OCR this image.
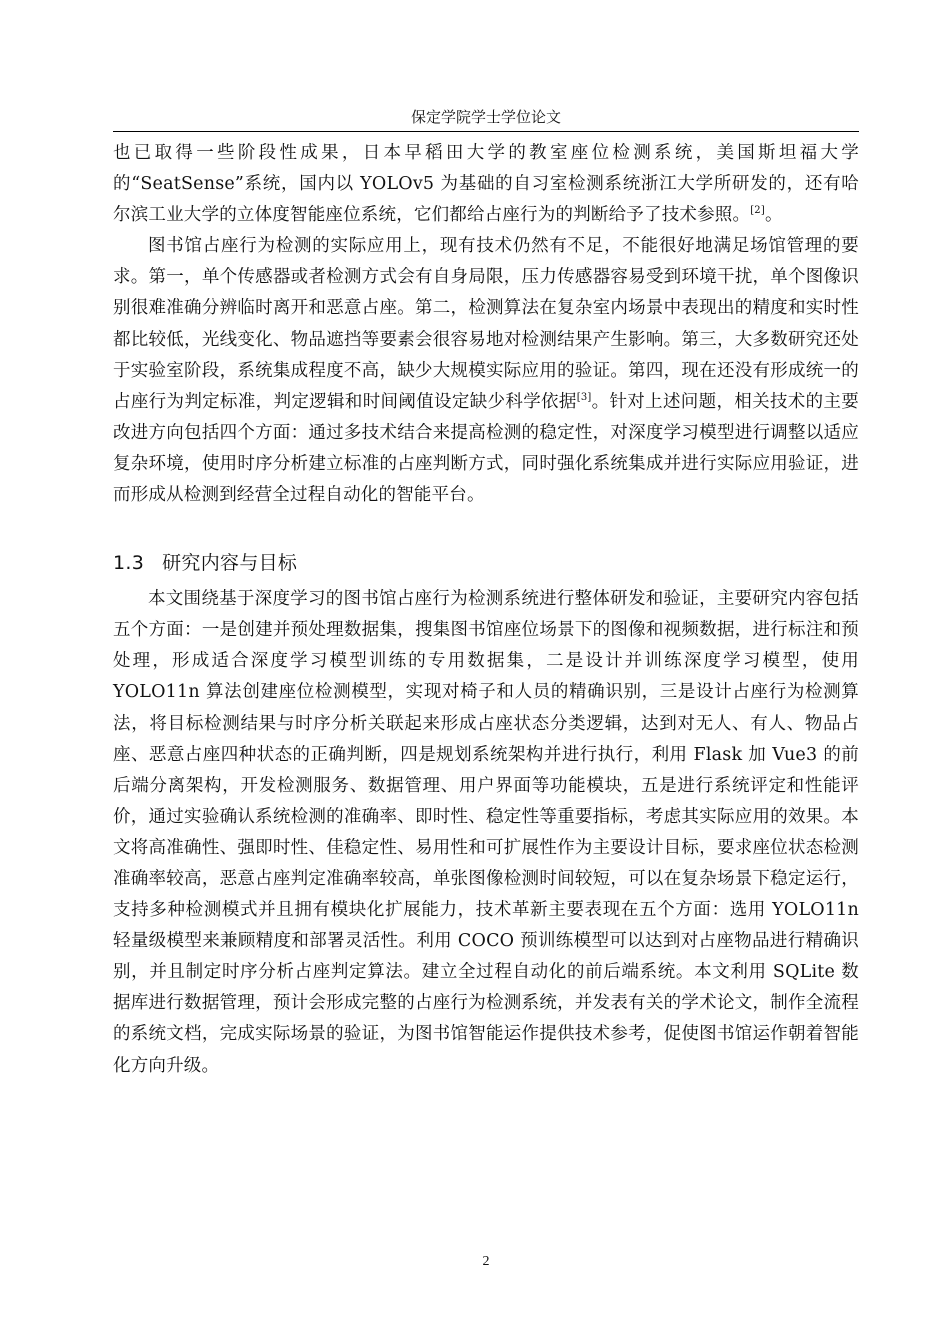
保定学院学士学位论文

也已取得一些阶段性成果，日本早稻田大学的教室座位检测系统，美国斯坦福大学的“SeatSense”系统，国内以 YOLOv5 为基础的自习室检测系统浙江大学所研发的，还有哈尔滨工业大学的立体度智能座位系统，它们都给占座行为的判断给予了技术参照。[2]。

图书馆占座行为检测的实际应用上，现有技术仍然有不足，不能很好地满足场馆管理的要求。第一，单个传感器或者检测方式会有自身局限，压力传感器容易受到环境干扰，单个图像识别很难准确分辨临时离开和恶意占座。第二，检测算法在复杂室内场景中表现出的精度和实时性都比较低，光线变化、物品遮挡等要素会很容易地对检测结果产生影响。第三，大多数研究还处于实验室阶段，系统集成程度不高，缺少大规模实际应用的验证。第四，现在还没有形成统一的占座行为判定标准，判定逻辑和时间阈值设定缺少科学依据[3]。针对上述问题，相关技术的主要改进方向包括四个方面：通过多技术结合来提高检测的稳定性，对深度学习模型进行调整以适应复杂环境，使用时序分析建立标准的占座判断方式，同时强化系统集成并进行实际应用验证，进而形成从检测到经营全过程自动化的智能平台。

1.3 研究内容与目标

本文围绕基于深度学习的图书馆占座行为检测系统进行整体研发和验证，主要研究内容包括五个方面：一是创建并预处理数据集，搜集图书馆座位场景下的图像和视频数据，进行标注和预处理，形成适合深度学习模型训练的专用数据集，二是设计并训练深度学习模型，使用 YOLO11n 算法创建座位检测模型，实现对椅子和人员的精确识别，三是设计占座行为检测算法，将目标检测结果与时序分析关联起来形成占座状态分类逻辑，达到对无人、有人、物品占座、恶意占座四种状态的正确判断，四是规划系统架构并进行执行，利用 Flask 加 Vue3 的前后端分离架构，开发检测服务、数据管理、用户界面等功能模块，五是进行系统评定和性能评价，通过实验确认系统检测的准确率、即时性、稳定性等重要指标，考虑其实际应用的效果。本文将高准确性、强即时性、佳稳定性、易用性和可扩展性作为主要设计目标，要求座位状态检测准确率较高，恶意占座判定准确率较高，单张图像检测时间较短，可以在复杂场景下稳定运行，支持多种检测模式并且拥有模块化扩展能力，技术革新主要表现在五个方面：选用 YOLO11n 轻量级模型来兼顾精度和部署灵活性。利用 COCO 预训练模型可以达到对占座物品进行精确识别，并且制定时序分析占座判定算法。建立全过程自动化的前后端系统。本文利用 SQLite 数据库进行数据管理，预计会形成完整的占座行为检测系统，并发表有关的学术论文，制作全流程的系统文档，完成实际场景的验证，为图书馆智能运作提供技术参考，促使图书馆运作朝着智能化方向升级。

2
